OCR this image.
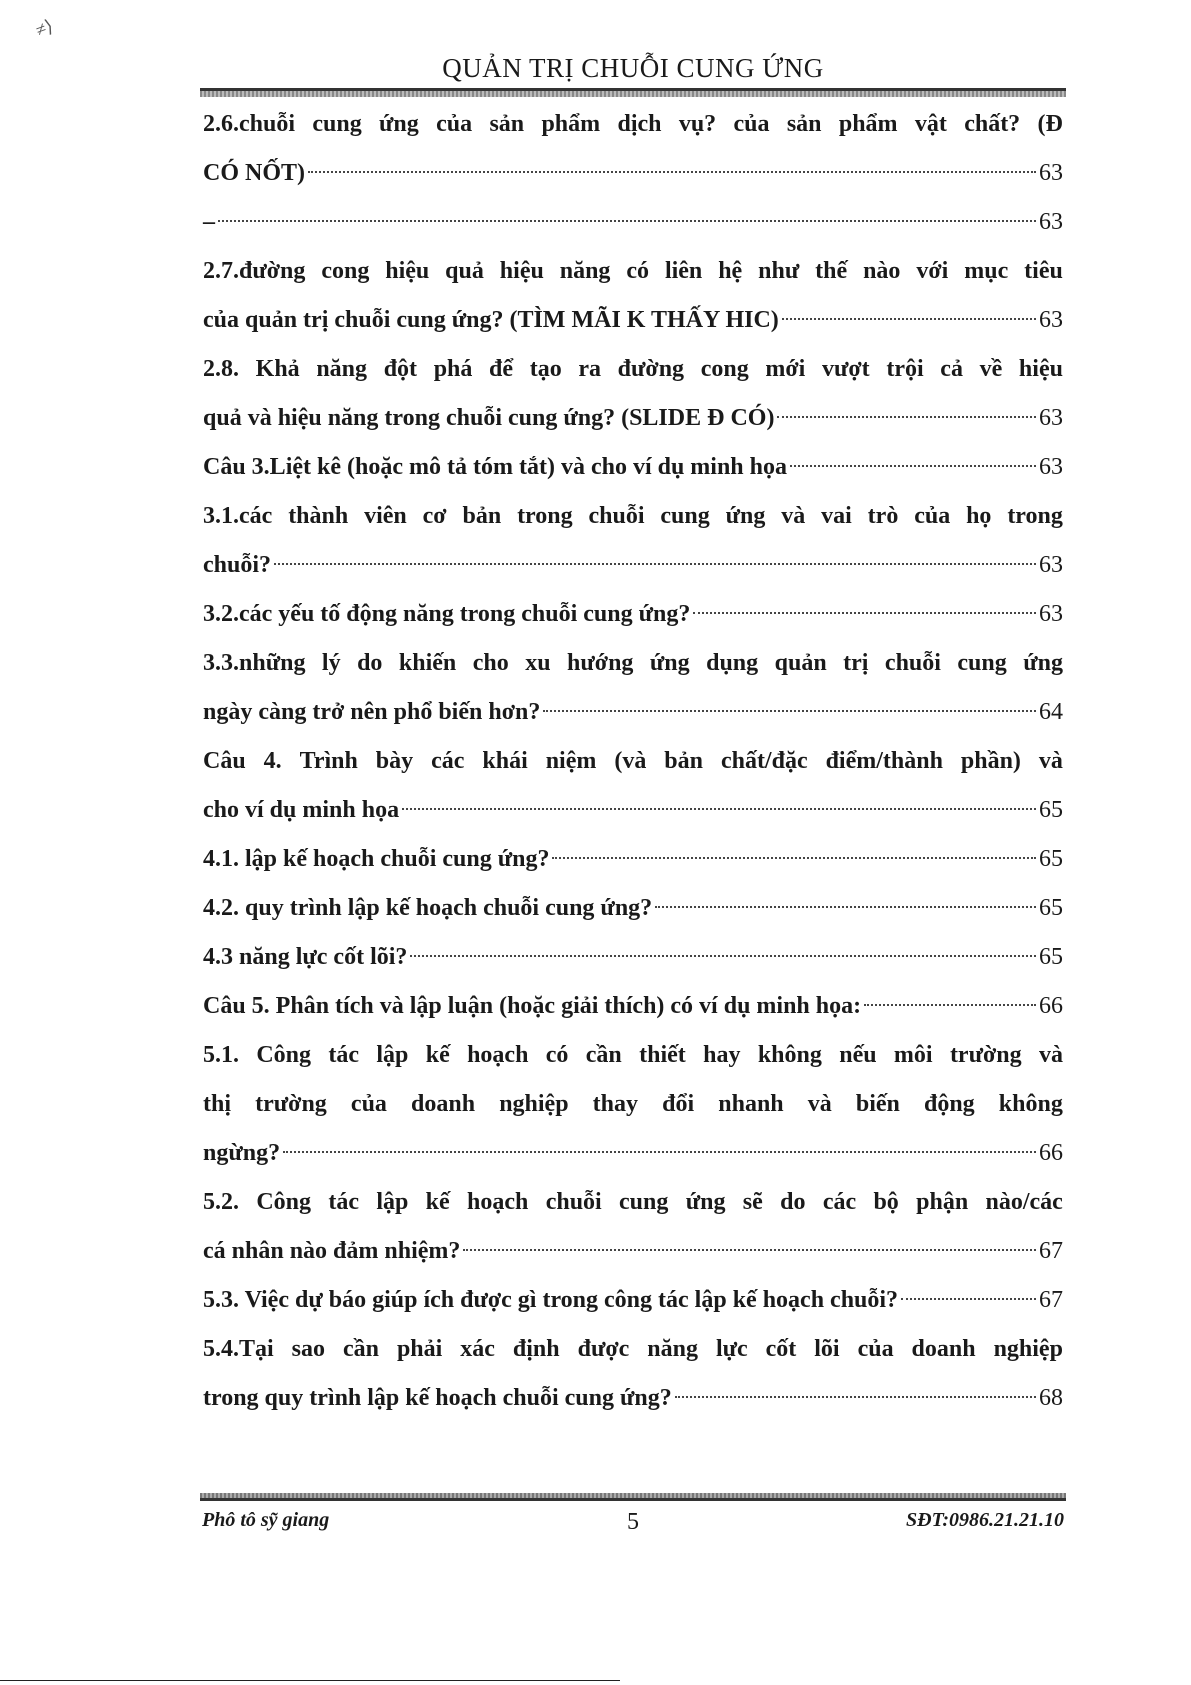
≠⟩
QUẢN TRỊ CHUỖI CUNG ỨNG
2.6.chuỗi cung ứng của sản phẩm dịch vụ? của sản phẩm vật chất? (Đ
CÓ NỐT)	63
–	63
2.7.đường cong hiệu quả hiệu năng có liên hệ như thế nào với mục tiêu
của quản trị chuỗi cung ứng? (TÌM MÃI K THẤY HIC)	63
2.8. Khả năng đột phá để tạo ra đường cong mới vượt trội cả về hiệu
quả và hiệu năng trong chuỗi cung ứng? (SLIDE Đ CÓ)	63
Câu 3.Liệt kê (hoặc mô tả tóm tắt) và cho ví dụ minh họa	63
3.1.các thành viên cơ bản trong chuỗi cung ứng và vai trò của họ trong
chuỗi?	63
3.2.các yếu tố động năng trong chuỗi cung ứng?	63
3.3.những lý do khiến cho xu hướng ứng dụng quản trị chuỗi cung ứng
ngày càng trở nên phổ biến hơn?	64
Câu 4. Trình bày các khái niệm (và bản chất/đặc điểm/thành phần) và
cho ví dụ minh họa	65
4.1. lập kế hoạch chuỗi cung ứng?	65
4.2. quy trình lập kế hoạch chuỗi cung ứng?	65
4.3 năng lực cốt lõi?	65
Câu 5. Phân tích và lập luận (hoặc giải thích) có ví dụ minh họa:	66
5.1. Công tác lập kế hoạch có cần thiết hay không nếu môi trường và
thị trường của doanh nghiệp thay đổi nhanh và biến động không
ngừng?	66
5.2. Công tác lập kế hoạch chuỗi cung ứng sẽ do các bộ phận nào/các
cá nhân nào đảm nhiệm?	67
5.3. Việc dự báo giúp ích được gì trong công tác lập kế hoạch chuỗi?	67
5.4.Tại sao cần phải xác định được năng lực cốt lõi của doanh nghiệp
trong quy trình lập kế hoạch chuỗi cung ứng?	68
Phô tô sỹ giang	5	SĐT:0986.21.21.10
